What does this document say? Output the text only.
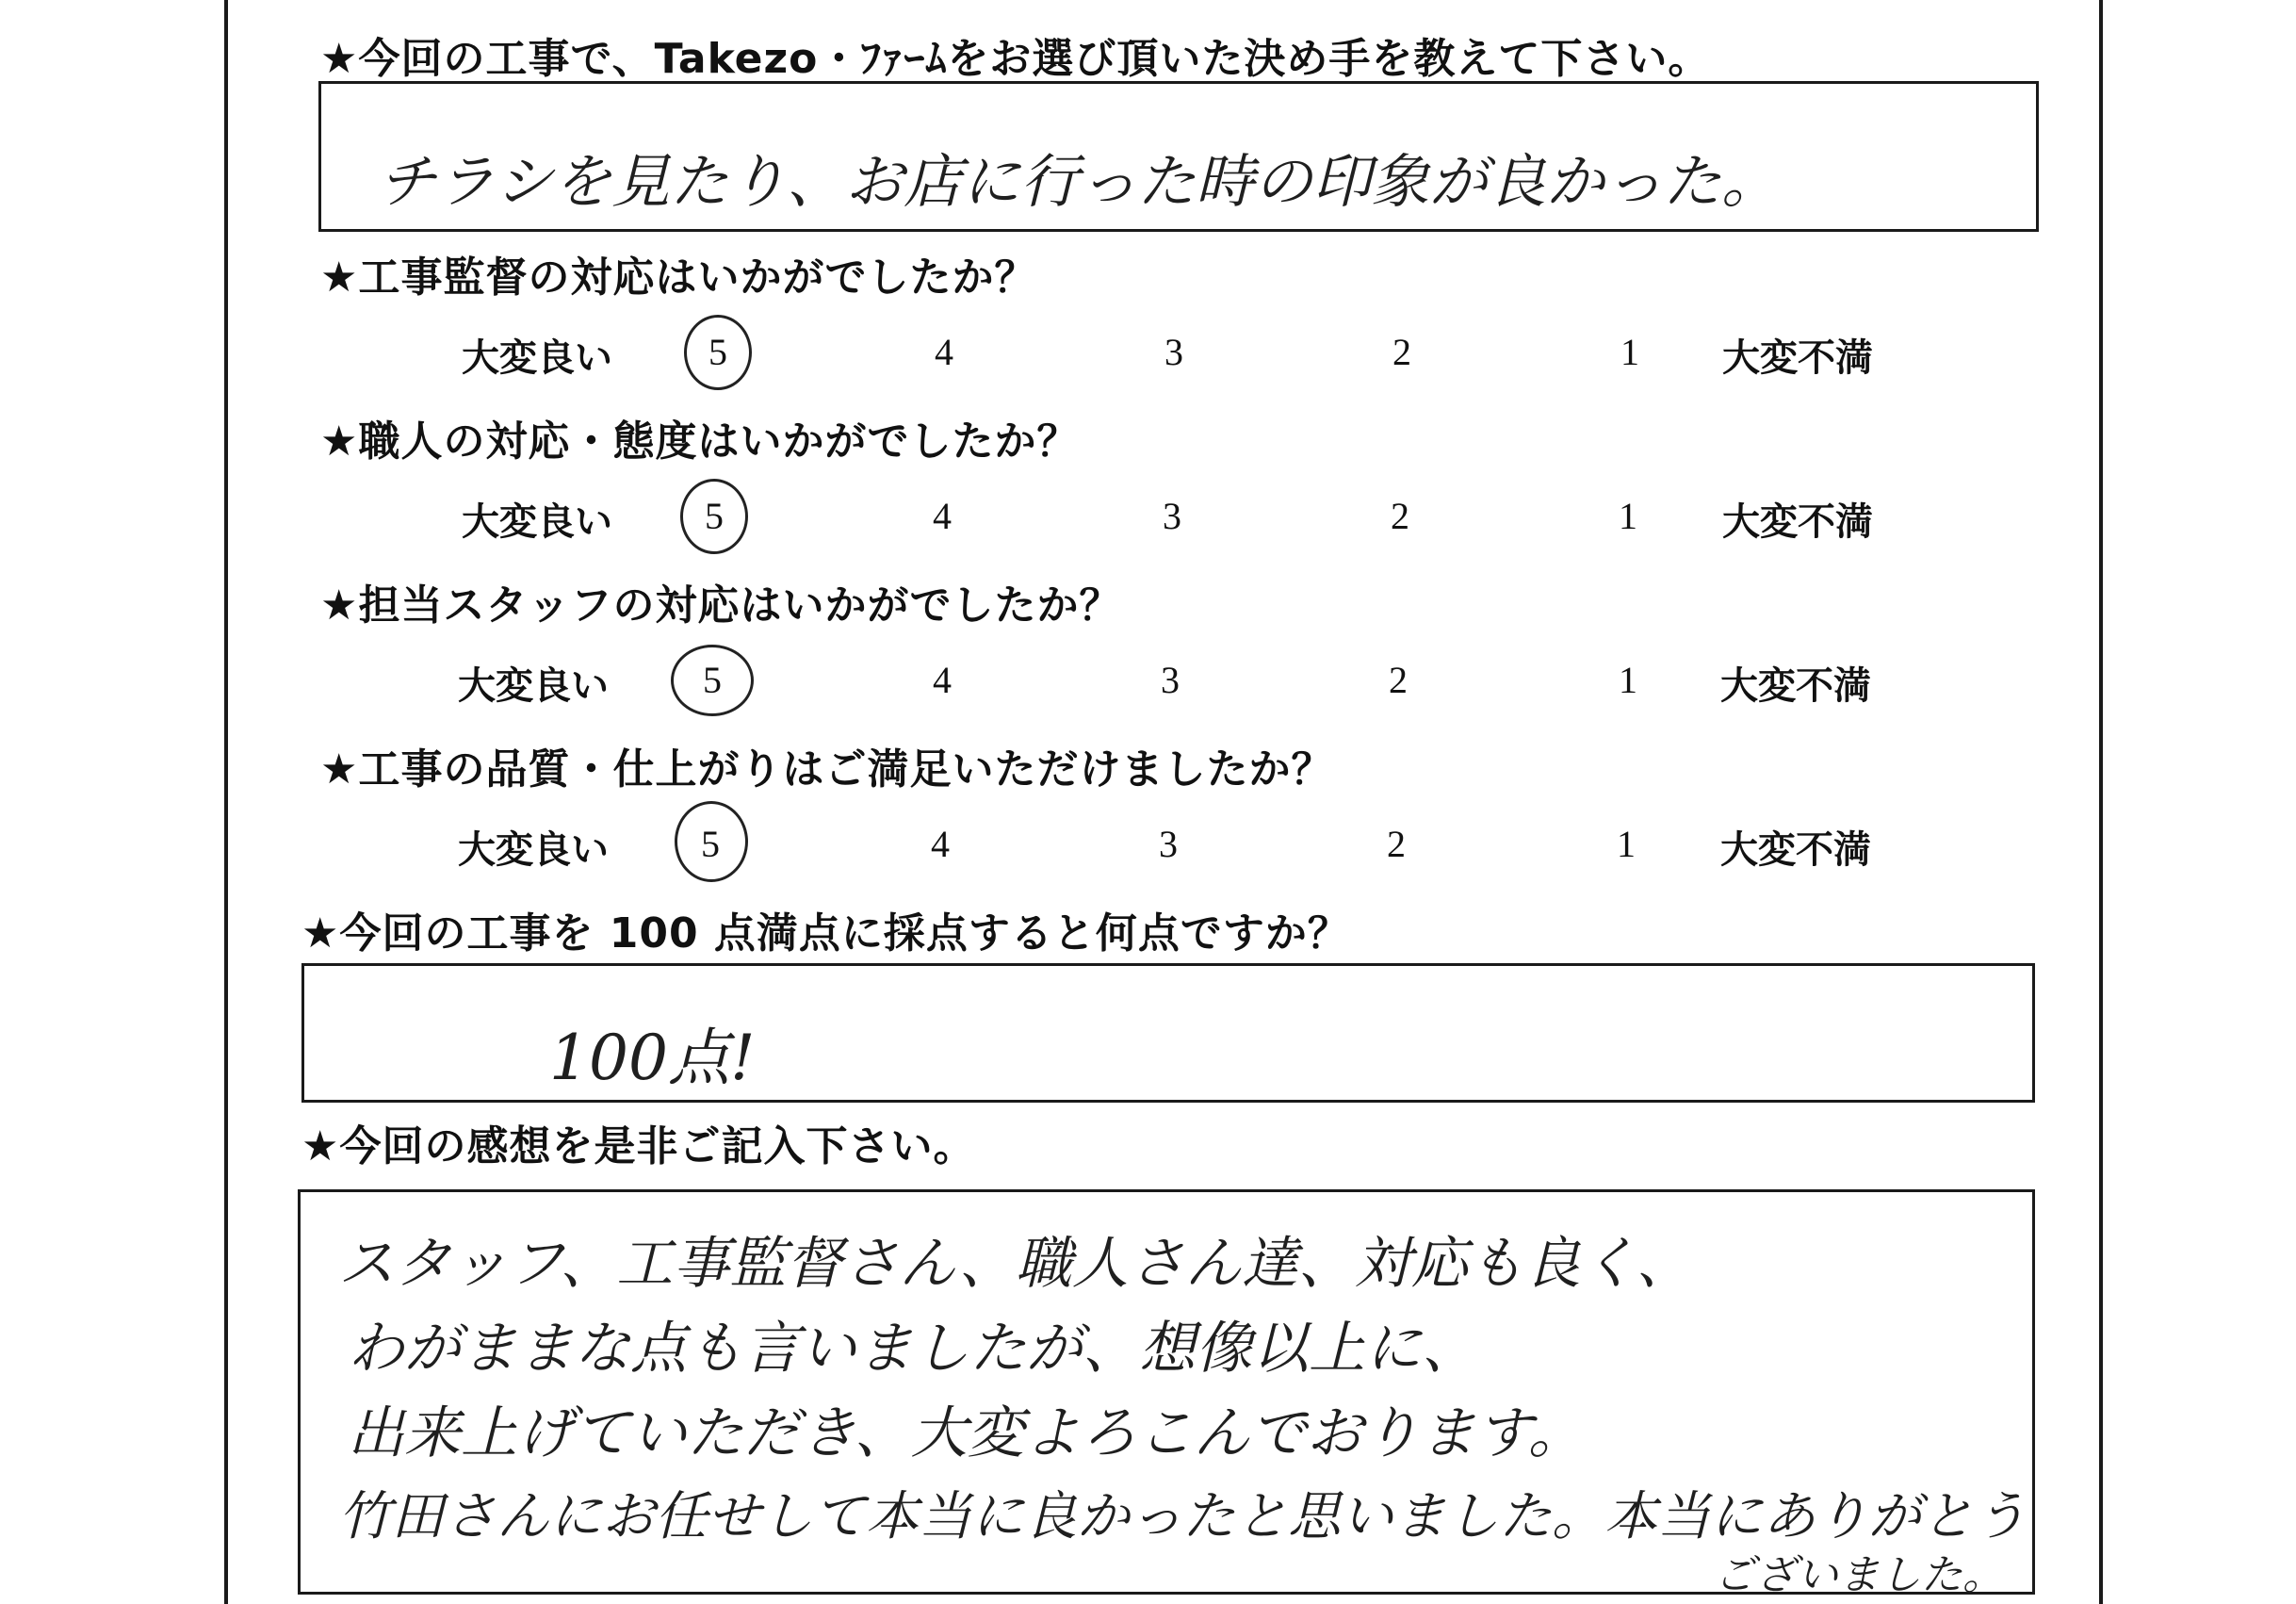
★今回の工事で、Takezo・ﾌｧｰﾑをお選び頂いた決め手を教えて下さい。
チラシを見たり、お店に行った時の印象が良かった。
★工事監督の対応はいかがでしたか？
大変良い	5	4	3	2	1 大変不満
★職人の対応・態度はいかがでしたか？
大変良い 5	4	3	2	1 大変不満
★担当スタッフの対応はいかがでしたか？
大変良い	5	4	3	2	1 大変不満
★工事の品質・仕上がりはご満足いただけましたか？
大変良い 5	4	3	2	1 大変不満
★今回の工事を 100 点満点に採点すると何点ですか？
100点!
★今回の感想を是非ご記入下さい。
スタッフ、工事監督さん、職人さん達、対応も良く、
わがままな点も言いましたが、想像以上に、
出来上げていただき、大変よろこんでおります。
竹田さんにお任せして本当に良かったと思いました。本当にありがとう
ございました。
